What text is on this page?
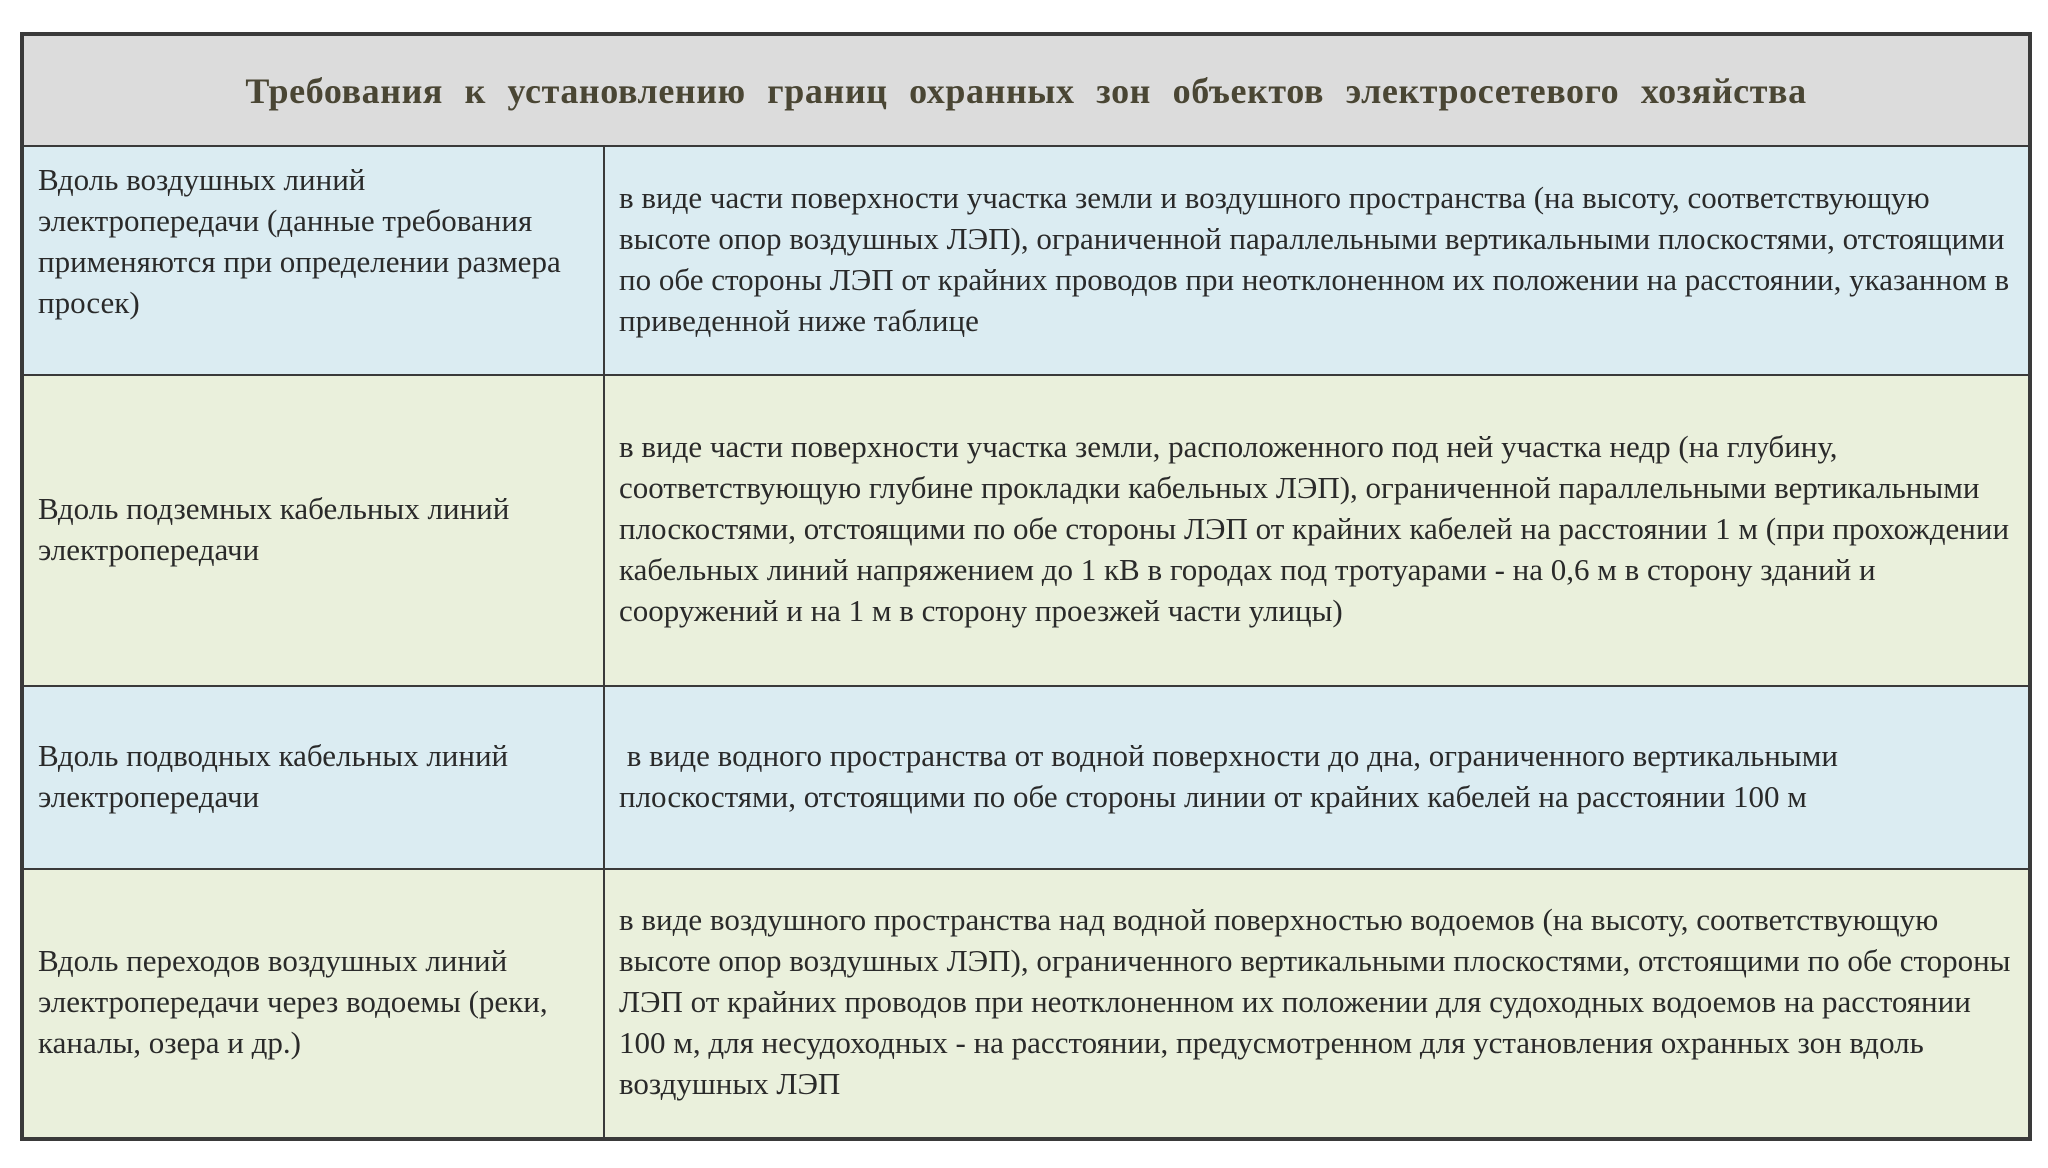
Требования к установлению границ охранных зон объектов электросетевого хозяйства	
Вдоль воздушных линий электропередачи (данные требования применяются при определении размера просек)	в виде части поверхности участка земли и воздушного пространства (на высоту, соответствующую высоте опор воздушных ЛЭП), ограниченной параллельными вертикальными плоскостями, отстоящими по обе стороны ЛЭП от крайних проводов при неотклоненном их положении на расстоянии, указанном в приведенной ниже таблице
Вдоль подземных кабельных линий электропередачи	в виде части поверхности участка земли, расположенного под ней участка недр (на глубину, соответствующую глубине прокладки кабельных ЛЭП), ограниченной параллельными вертикальными плоскостями, отстоящими по обе стороны ЛЭП от крайних кабелей на расстоянии 1 м (при прохождении кабельных линий напряжением до 1 кВ в городах под тротуарами - на 0,6 м в сторону зданий и сооружений и на 1 м в сторону проезжей части улицы)
Вдоль подводных кабельных линий электропередачи	в виде водного пространства от водной поверхности до дна, ограниченного вертикальными плоскостями, отстоящими по обе стороны линии от крайних кабелей на расстоянии 100 м
Вдоль переходов воздушных линий электропередачи через водоемы (реки, каналы, озера и др.)	в виде воздушного пространства над водной поверхностью водоемов (на высоту, соответствующую высоте опор воздушных ЛЭП), ограниченного вертикальными плоскостями, отстоящими по обе стороны ЛЭП от крайних проводов при неотклоненном их положении для судоходных водоемов на расстоянии 100 м, для несудоходных - на расстоянии, предусмотренном для установления охранных зон вдоль воздушных ЛЭП
